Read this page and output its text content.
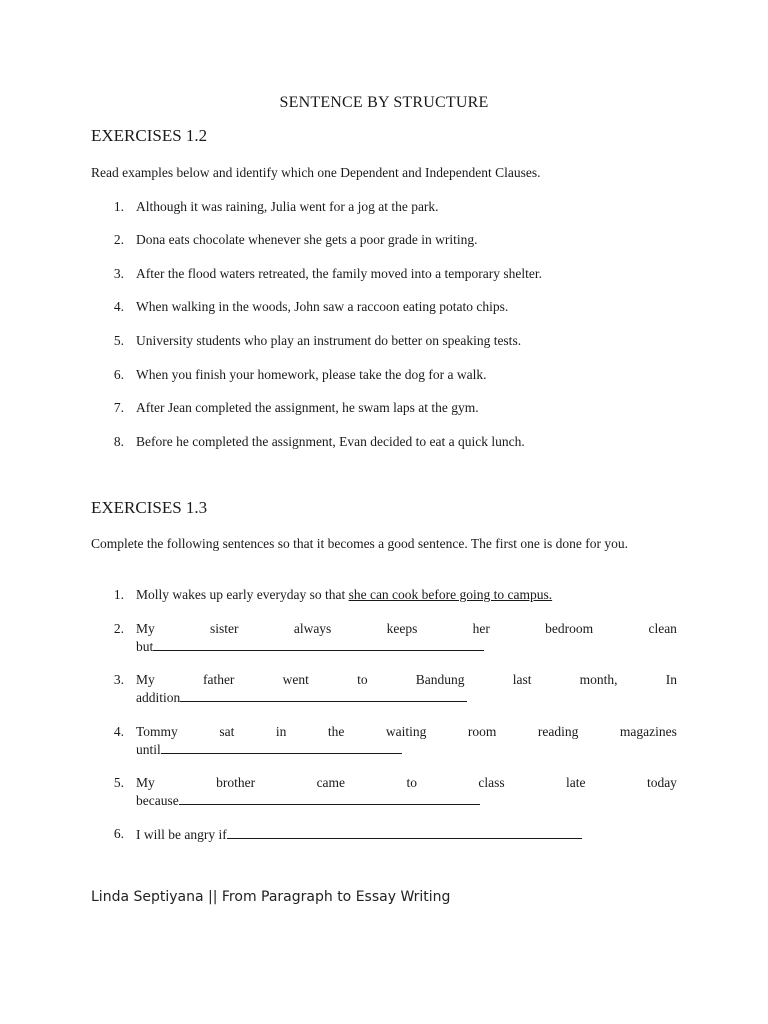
SENTENCE BY STRUCTURE
EXERCISES 1.2
Read examples below and identify which one Dependent and Independent Clauses.
1. Although it was raining, Julia went for a jog at the park.
2. Dona eats chocolate whenever she gets a poor grade in writing.
3. After the flood waters retreated, the family moved into a temporary shelter.
4. When walking in the woods, John saw a raccoon eating potato chips.
5. University students who play an instrument do better on speaking tests.
6. When you finish your homework, please take the dog for a walk.
7. After Jean completed the assignment, he swam laps at the gym.
8. Before he completed the assignment, Evan decided to eat a quick lunch.
EXERCISES 1.3
Complete the following sentences so that it becomes a good sentence. The first one is done for you.
1. Molly wakes up early everyday so that she can cook before going to campus.
2. My	sister	always	keeps	her	bedroom	clean
but
3. My	father	went	to	Bandung	last	month,	In
addition
4. Tommy	sat	in	the	waiting	room	reading	magazines
until
5. My	brother	came	to	class	late	today
because
6. I will be angry if
Linda Septiyana || From Paragraph to Essay Writing
